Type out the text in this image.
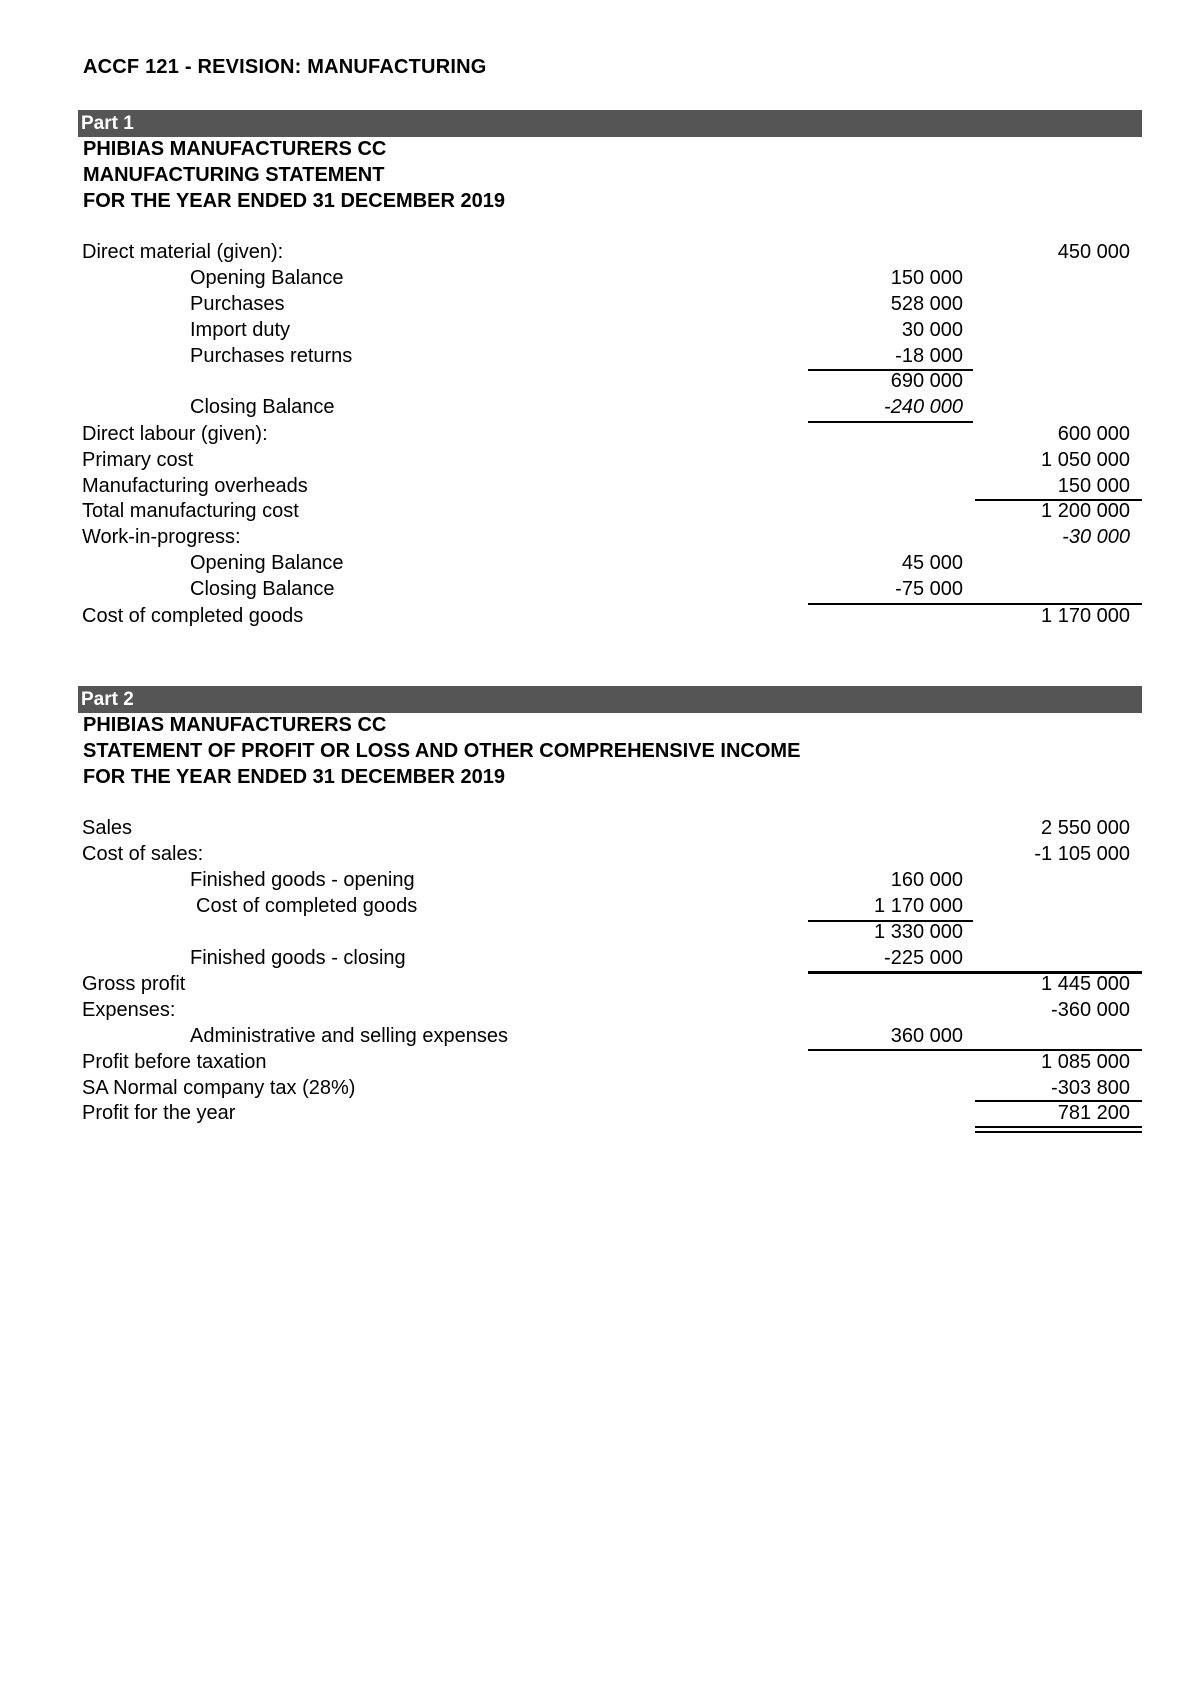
ACCF 121 - REVISION: MANUFACTURING
Part 1
PHIBIAS MANUFACTURERS CC
MANUFACTURING STATEMENT
FOR THE YEAR ENDED 31 DECEMBER 2019
Direct material (given):	450 000
Opening Balance	150 000
Purchases	528 000
Import duty	30 000
Purchases returns	-18 000
690 000
Closing Balance	-240 000
Direct labour (given):	600 000
Primary cost	1 050 000
Manufacturing overheads	150 000
Total manufacturing cost	1 200 000
Work-in-progress:	-30 000
Opening Balance	45 000
Closing Balance	-75 000
Cost of completed goods	1 170 000
Part 2
PHIBIAS MANUFACTURERS CC
STATEMENT OF PROFIT OR LOSS AND OTHER COMPREHENSIVE INCOME
FOR THE YEAR ENDED 31 DECEMBER 2019
Sales	2 550 000
Cost of sales:	-1 105 000
Finished goods - opening	160 000
Cost of completed goods	1 170 000
1 330 000
Finished goods - closing	-225 000
Gross profit	1 445 000
Expenses:	-360 000
Administrative and selling expenses	360 000
Profit before taxation	1 085 000
SA Normal company tax (28%)	-303 800
Profit for the year	781 200
